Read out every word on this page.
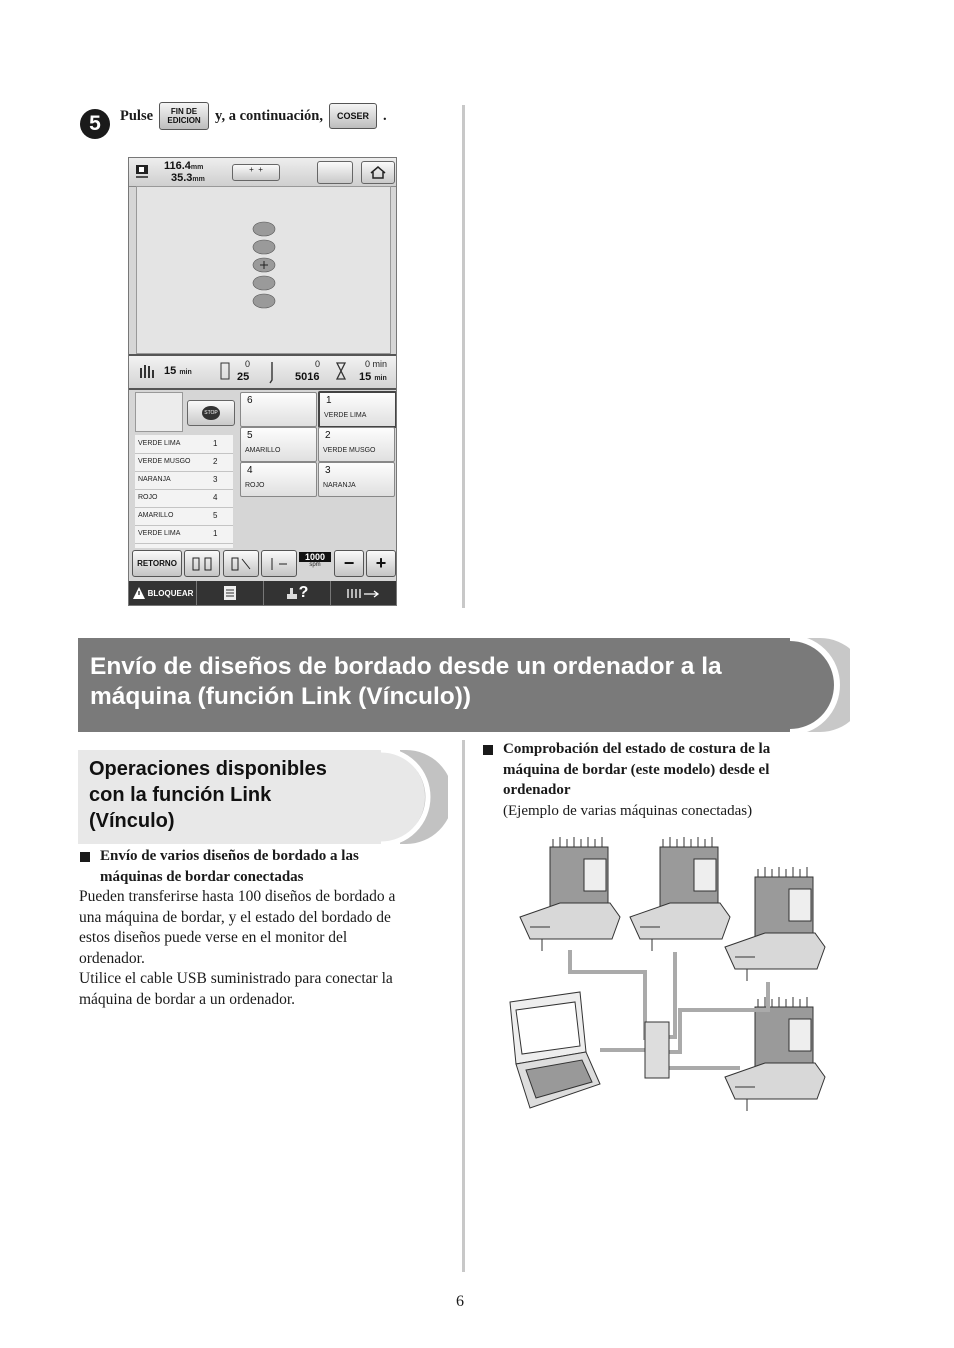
5	Pulse FIN DE
EDICION y, a continuación,	COSER .
116.4mm
35.3mm
+  +
15 min
0
25
0
5016
0 min
15 min
STOP
VERDE LIMA	1
VERDE MUSGO	2
NARANJA	3
ROJO	4
AMARILLO	5
VERDE LIMA	1
6	1
VERDE LIMA
5
AMARILLO
2
VERDE MUSGO
4
ROJO
3
NARANJA
RETORNO
1000
spm	−	+
BLOQUEAR	?
Envío de diseños de bordado desde un ordenador a la
máquina (función Link (Vínculo))
Operaciones disponibles
con la función Link
(Vínculo)
Envío de varios diseños de bordado a las
máquinas de bordar conectadas
Pueden transferirse hasta 100 diseños de bordado a
una máquina de bordar, y el estado del bordado de
estos diseños puede verse en el monitor del
ordenador.
Utilice el cable USB suministrado para conectar la
máquina de bordar a un ordenador.
Comprobación del estado de costura de la
máquina de bordar (este modelo) desde el
ordenador
(Ejemplo de varias máquinas conectadas)
6
